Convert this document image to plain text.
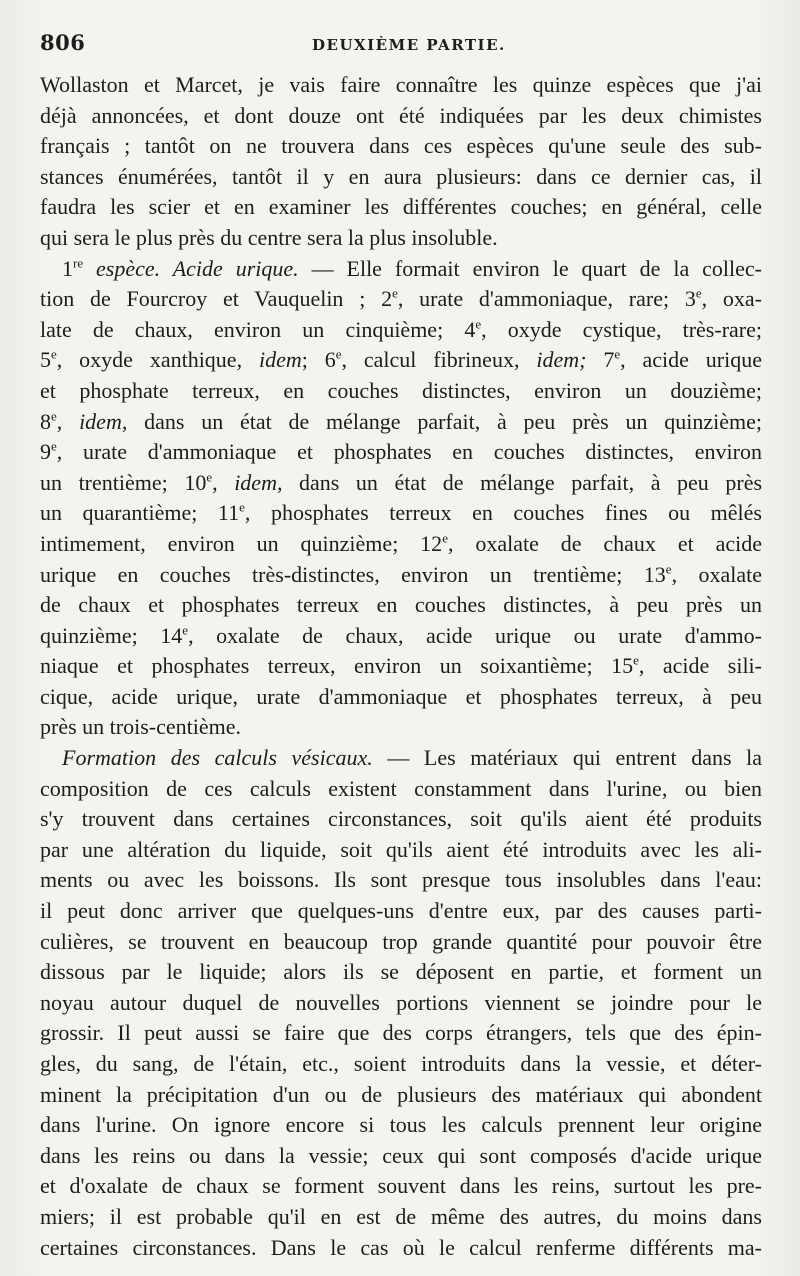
806	DEUXIÈME PARTIE.
Wollaston et Marcet, je vais faire connaître les quinze espèces que j'ai
déjà annoncées, et dont douze ont été indiquées par les deux chimistes
français ; tantôt on ne trouvera dans ces espèces qu'une seule des sub-
stances énumérées, tantôt il y en aura plusieurs: dans ce dernier cas, il
faudra les scier et en examiner les différentes couches; en général, celle
qui sera le plus près du centre sera la plus insoluble.
1re espèce. Acide urique. — Elle formait environ le quart de la collec-
tion de Fourcroy et Vauquelin ; 2e, urate d'ammoniaque, rare; 3e, oxa-
late de chaux, environ un cinquième; 4e, oxyde cystique, très-rare;
5e, oxyde xanthique, idem; 6e, calcul fibrineux, idem; 7e, acide urique
et phosphate terreux, en couches distinctes, environ un douzième;
8e, idem, dans un état de mélange parfait, à peu près un quinzième;
9e, urate d'ammoniaque et phosphates en couches distinctes, environ
un trentième; 10e, idem, dans un état de mélange parfait, à peu près
un quarantième; 11e, phosphates terreux en couches fines ou mêlés
intimement, environ un quinzième; 12e, oxalate de chaux et acide
urique en couches très-distinctes, environ un trentième; 13e, oxalate
de chaux et phosphates terreux en couches distinctes, à peu près un
quinzième; 14e, oxalate de chaux, acide urique ou urate d'ammo-
niaque et phosphates terreux, environ un soixantième; 15e, acide sili-
cique, acide urique, urate d'ammoniaque et phosphates terreux, à peu
près un trois-centième.
Formation des calculs vésicaux. — Les matériaux qui entrent dans la
composition de ces calculs existent constamment dans l'urine, ou bien
s'y trouvent dans certaines circonstances, soit qu'ils aient été produits
par une altération du liquide, soit qu'ils aient été introduits avec les ali-
ments ou avec les boissons. Ils sont presque tous insolubles dans l'eau:
il peut donc arriver que quelques-uns d'entre eux, par des causes parti-
culières, se trouvent en beaucoup trop grande quantité pour pouvoir être
dissous par le liquide; alors ils se déposent en partie, et forment un
noyau autour duquel de nouvelles portions viennent se joindre pour le
grossir. Il peut aussi se faire que des corps étrangers, tels que des épin-
gles, du sang, de l'étain, etc., soient introduits dans la vessie, et déter-
minent la précipitation d'un ou de plusieurs des matériaux qui abondent
dans l'urine. On ignore encore si tous les calculs prennent leur origine
dans les reins ou dans la vessie; ceux qui sont composés d'acide urique
et d'oxalate de chaux se forment souvent dans les reins, surtout les pre-
miers; il est probable qu'il en est de même des autres, du moins dans
certaines circonstances. Dans le cas où le calcul renferme différents ma-
